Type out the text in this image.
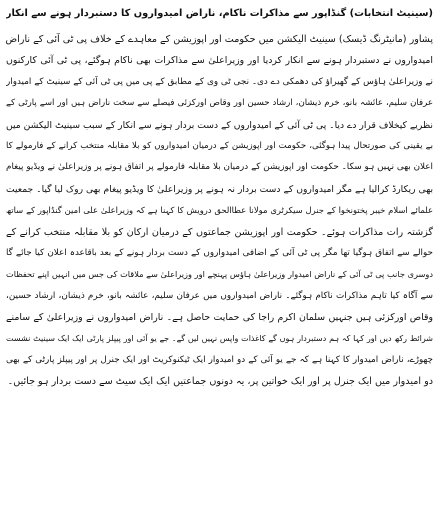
(سینیٹ انتخابات) گنڈاپور سے مذاکرات ناکام، ناراض امیدواروں کا دستبردار ہونے سے انکار
پشاور (مانیٹرنگ ڈیسک) سینیٹ الیکشن میں حکومت اور اپوزیشن کے معاہدے کے خلاف پی ٹی آئی کے ناراض
امیدواروں نے دستبردار ہونے سے انکار کردیا اور وزیراعلیٰ سے مذاکرات بھی ناکام ہوگئے، پی ٹی آئی کارکنوں
نے وزیراعلیٰ ہاؤس کے گھیراؤ کی دھمکی دے دی۔ نجی ٹی وی کے مطابق کے پی میں پی ٹی آئی کے سینیٹ کے امیدوار
عرفان سلیم، عائشہ بانو، خرم ذیشان، ارشاد حسین اور وقاص اورکزئی فیصلے سے سخت ناراض ہیں اور اسے پارٹی کے
نظریے کیخلاف قرار دے دیا۔ پی ٹی آئی کے امیدواروں کے دست بردار ہونے سے انکار کے سبب سینیٹ الیکشن میں
بے یقینی کی صورتحال پیدا ہوگئی، حکومت اور اپوزیشن کے درمیان امیدواروں کو بلا مقابلہ منتخب کرانے کے فارمولے کا
اعلان بھی نہیں ہو سکا۔ حکومت اور اپوزیشن کے درمیان بلا مقابلہ فارمولے پر اتفاق ہونے پر وزیراعلیٰ نے ویڈیو پیغام
بھی ریکارڈ کرالیا ہے مگر امیدواروں کے دست بردار نہ ہونے پر وزیراعلیٰ کا ویڈیو پیغام بھی روک لیا گیا۔ جمعیت
علمائے اسلام خیبر پختونخوا کے جنرل سیکرٹری مولانا عطاالحق درویش کا کہنا ہے کہ وزیراعلیٰ علی امین گنڈاپور کے ساتھ
گزشتہ رات مذاکرات ہوئے۔ حکومت اور اپوزیشن جماعتوں کے درمیان ارکان کو بلا مقابلہ منتخب کرانے کے
حوالے سے اتفاق ہوگیا تھا مگر پی ٹی آئی کے اضافی امیدواروں کے دست بردار ہونے کے بعد باقاعدہ اعلان کیا جائے گا
دوسری جانب پی ٹی آئی کے ناراض امیدوار وزیراعلیٰ ہاؤس پہنچے اور وزیراعلیٰ سے ملاقات کی جس میں انہیں اپنے تحفظات
سے آگاہ کیا تاہم مذاکرات ناکام ہوگئے۔ ناراض امیدواروں میں عرفان سلیم، عائشہ بانو، خرم ذیشان، ارشاد حسین،
وقاص اورکزئی ہیں جنہیں سلمان اکرم راجا کی حمایت حاصل ہے۔ ناراض امیدواروں نے وزیراعلیٰ کے سامنے
شرائط رکھ دیں اور کہا کہ ہم دستبردار ہوں گے کاغذات واپس نہیں لیں گے۔ جے یو آئی اور پیپلز پارٹی ایک ایک سینیٹ نشست
چھوڑے، ناراض امیدوار کا کہنا ہے کہ جے یو آئی کے دو امیدوار ایک ٹیکنوکریٹ اور ایک جنرل پر اور پیپلز پارٹی کے بھی
دو امیدوار میں ایک جنرل پر اور ایک خواتین پر، یہ دونوں جماعتیں ایک ایک سیٹ سے دست بردار ہو جائیں۔
